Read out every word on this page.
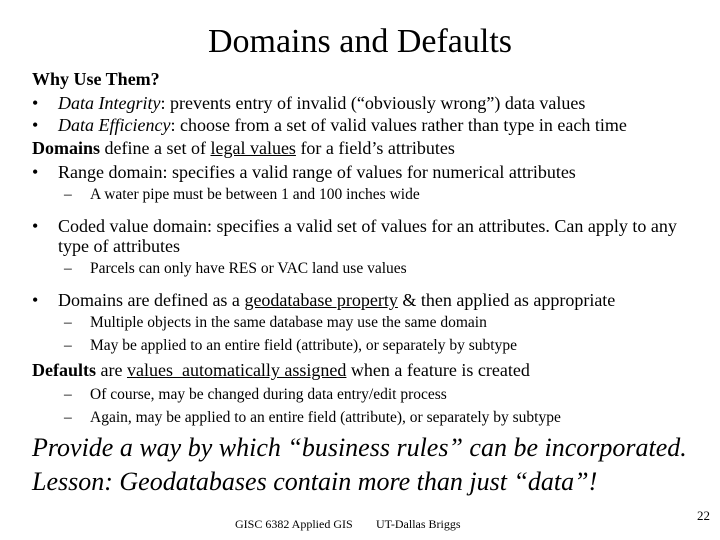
Domains and Defaults
Why Use Them?
• Data Integrity: prevents entry of invalid (“obviously wrong”) data values
• Data Efficiency: choose from a set of valid values rather than type in each time
Domains define a set of legal values for a field’s attributes
• Range domain: specifies a valid range of values for numerical attributes
– A water pipe must be between 1 and 100 inches wide
• Coded value domain: specifies a valid set of values for an attributes. Can apply to any type of attributes
– Parcels can only have RES or VAC land use values
• Domains are defined as a geodatabase property & then applied as appropriate
– Multiple objects in the same database may use the same domain
– May be applied to an entire field (attribute), or separately by subtype
Defaults are values  automatically assigned when a feature is created
– Of course, may be changed during data entry/edit process
– Again, may be applied to an entire field (attribute), or separately by subtype
Provide a way by which “business rules” can be incorporated.
Lesson: Geodatabases contain more than just “data”!
GISC 6382 Applied GIS UT-Dallas Briggs
22
